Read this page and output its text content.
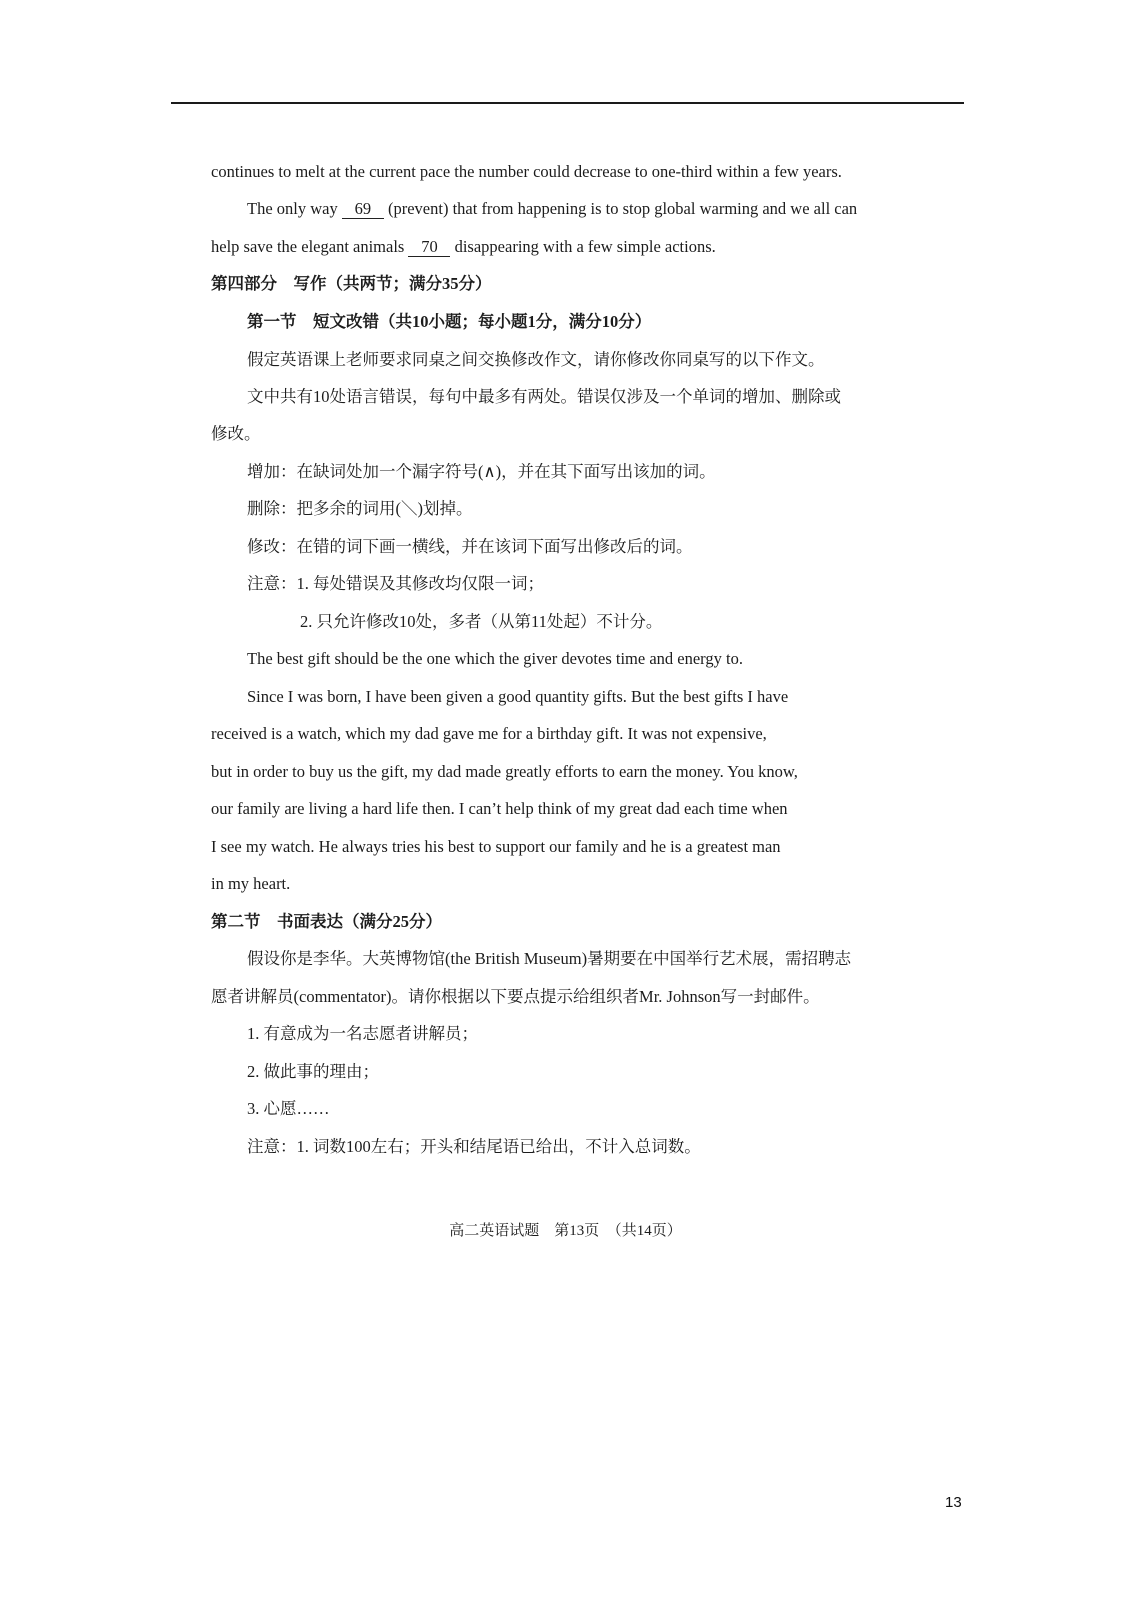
continues to melt at the current pace the number could decrease to one-third within a few years.
The only way 69 (prevent) that from happening is to stop global warming and we all can
help save the elegant animals 70 disappearing with a few simple actions.
第四部分　写作（共两节；满分35分）
第一节　短文改错（共10小题；每小题1分，满分10分）
假定英语课上老师要求同桌之间交换修改作文，请你修改你同桌写的以下作文。
文中共有10处语言错误，每句中最多有两处。错误仅涉及一个单词的增加、删除或
修改。
增加：在缺词处加一个漏字符号(∧)，并在其下面写出该加的词。
删除：把多余的词用(＼)划掉。
修改：在错的词下画一横线，并在该词下面写出修改后的词。
注意：1. 每处错误及其修改均仅限一词；
2. 只允许修改10处，多者（从第11处起）不计分。
The best gift should be the one which the giver devotes time and energy to.
Since I was born, I have been given a good quantity gifts. But the best gifts I have
received is a watch, which my dad gave me for a birthday gift. It was not expensive,
but in order to buy us the gift, my dad made greatly efforts to earn the money. You know,
our family are living a hard life then. I can’t help think of my great dad each time when
I see my watch. He always tries his best to support our family and he is a greatest man
in my heart.
第二节　书面表达（满分25分）
假设你是李华。大英博物馆(the British Museum)暑期要在中国举行艺术展，需招聘志
愿者讲解员(commentator)。请你根据以下要点提示给组织者Mr. Johnson写一封邮件。
1. 有意成为一名志愿者讲解员；
2. 做此事的理由；
3. 心愿……
注意：1. 词数100左右；开头和结尾语已给出，不计入总词数。
高二英语试题　第13页　（共14页）
13
